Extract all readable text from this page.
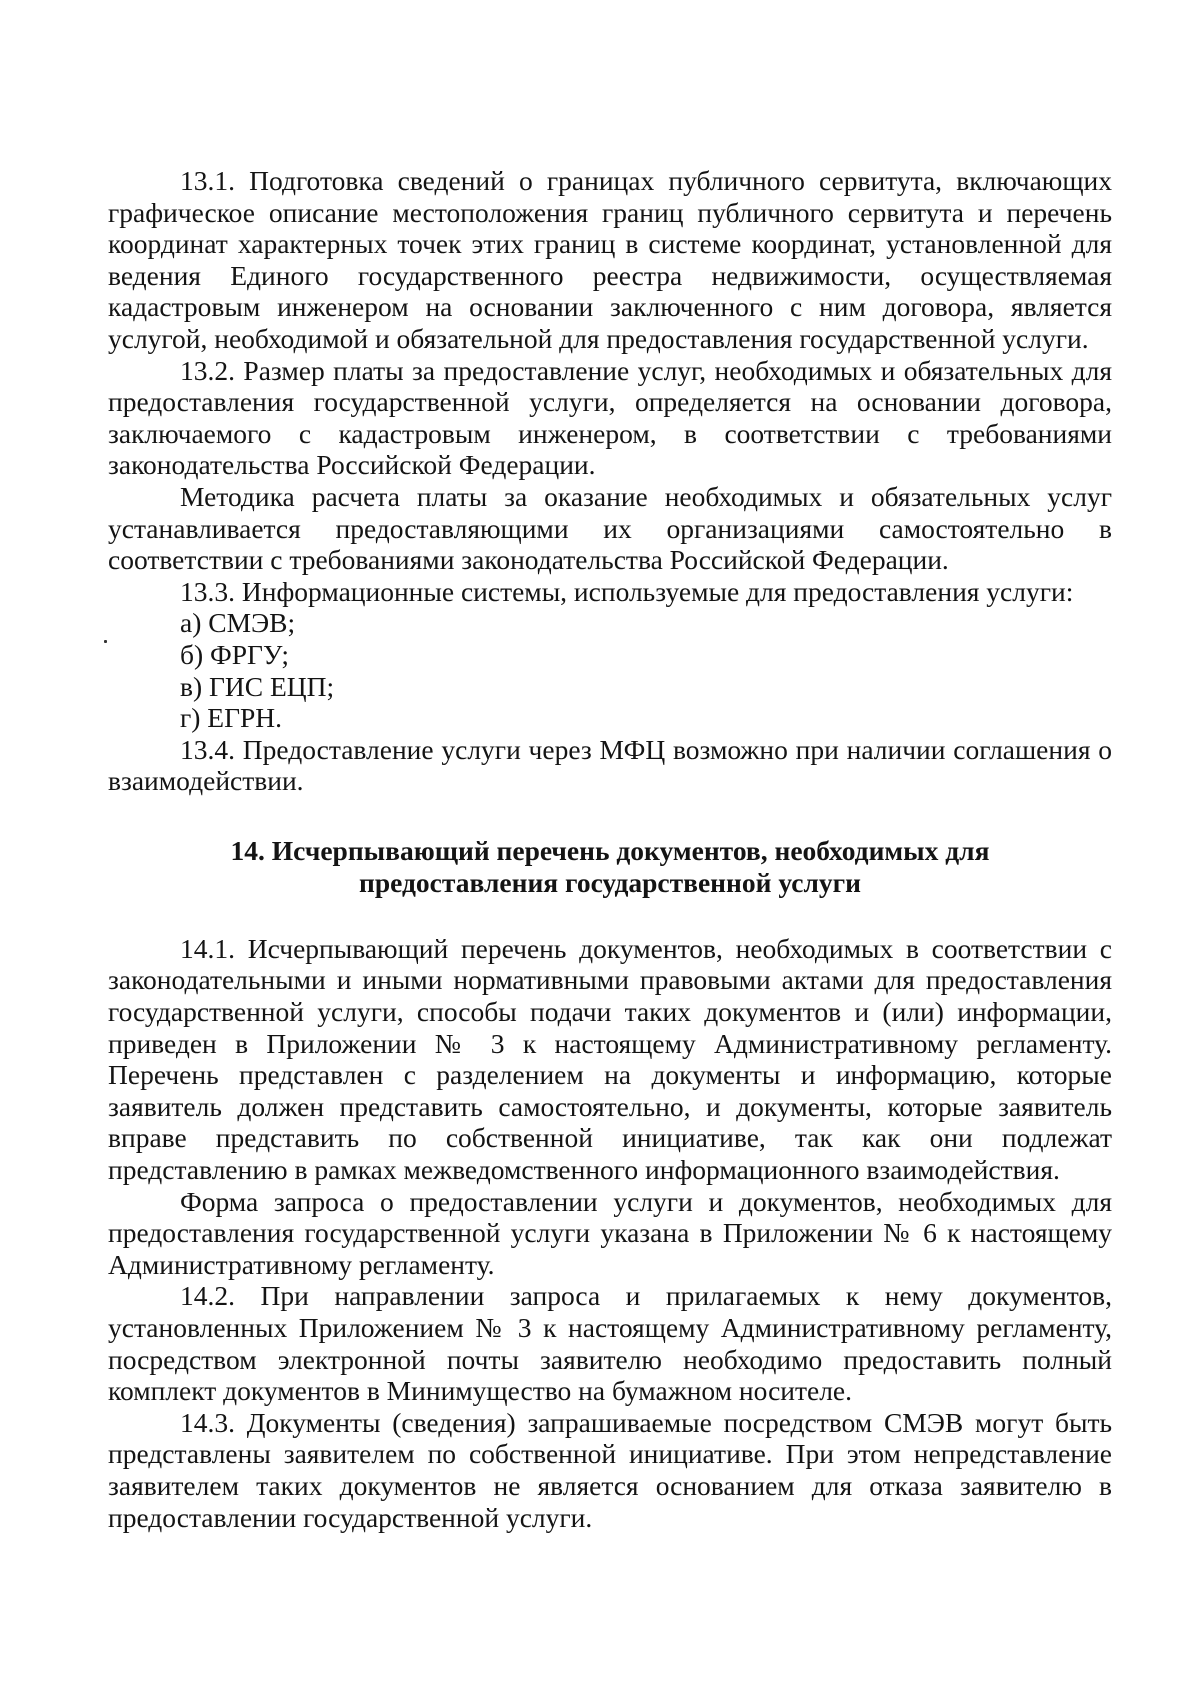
13.1. Подготовка сведений о границах публичного сервитута, включающих графическое описание местоположения границ публичного сервитута и перечень координат характерных точек этих границ в системе координат, установленной для ведения Единого государственного реестра недвижимости, осуществляемая кадастровым инженером на основании заключенного с ним договора, является услугой, необходимой и обязательной для предоставления государственной услуги.

13.2. Размер платы за предоставление услуг, необходимых и обязательных для предоставления государственной услуги, определяется на основании договора, заключаемого с кадастровым инженером, в соответствии с требованиями законодательства Российской Федерации.

Методика расчета платы за оказание необходимых и обязательных услуг устанавливается предоставляющими их организациями самостоятельно в соответствии с требованиями законодательства Российской Федерации.

13.3. Информационные системы, используемые для предоставления услуги:

а) СМЭВ;

б) ФРГУ;

в) ГИС ЕЦП;

г) ЕГРН.

13.4. Предоставление услуги через МФЦ возможно при наличии соглашения о взаимодействии.

14. Исчерпывающий перечень документов, необходимых для
предоставления государственной услуги

14.1. Исчерпывающий перечень документов, необходимых в соответствии с законодательными и иными нормативными правовыми актами для предоставления государственной услуги, способы подачи таких документов и (или) информации, приведен в Приложении № 3 к настоящему Административному регламенту. Перечень представлен с разделением на документы и информацию, которые заявитель должен представить самостоятельно, и документы, которые заявитель вправе представить по собственной инициативе, так как они подлежат представлению в рамках межведомственного информационного взаимодействия.

Форма запроса о предоставлении услуги и документов, необходимых для предоставления государственной услуги указана в Приложении № 6 к настоящему Административному регламенту.

14.2. При направлении запроса и прилагаемых к нему документов, установленных Приложением № 3 к настоящему Административному регламенту, посредством электронной почты заявителю необходимо предоставить полный комплект документов в Минимущество на бумажном носителе.

14.3. Документы (сведения) запрашиваемые посредством СМЭВ могут быть представлены заявителем по собственной инициативе. При этом непредставление заявителем таких документов не является основанием для отказа заявителю в предоставлении государственной услуги.
